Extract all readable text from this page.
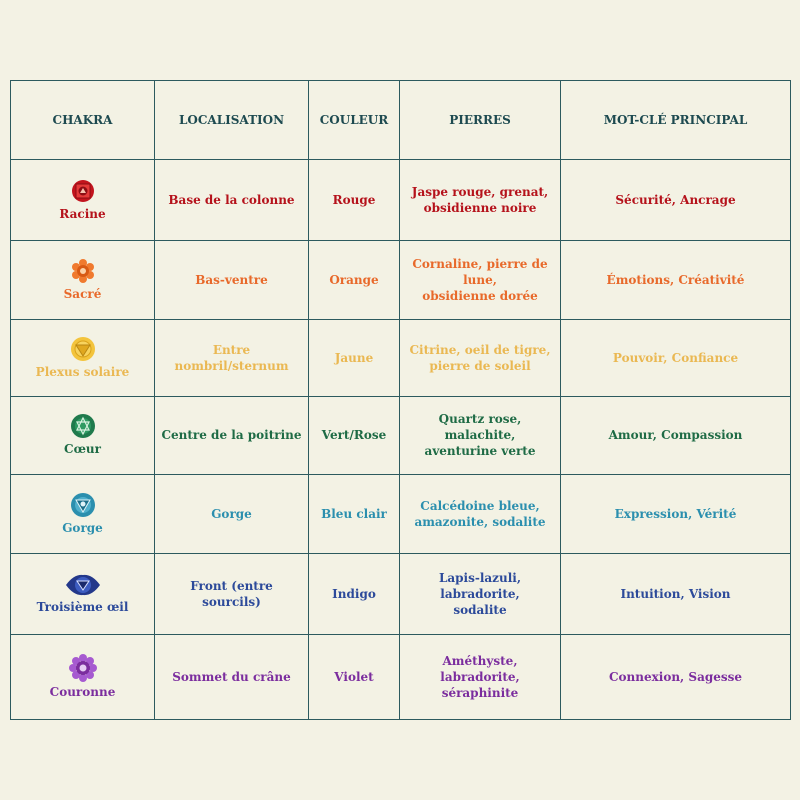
CHAKRA	LOCALISATION	COULEUR	PIERRES	MOT-CLÉ PRINCIPAL

Racine	Base de la colonne	Rouge	Jaspe rouge, grenat,
obsidienne noire	Sécurité, Ancrage

Sacré	Bas-ventre	Orange	Cornaline, pierre de lune,
obsidienne dorée	Émotions, Créativité

Plexus solaire	Entre nombril/sternum	Jaune	Citrine, oeil de tigre,
pierre de soleil	Pouvoir, Confiance

Cœur	Centre de la poitrine	Vert/Rose	Quartz rose, malachite,
aventurine verte	Amour, Compassion

Gorge	Gorge	Bleu clair	Calcédoine bleue,
amazonite, sodalite	Expression, Vérité

Troisième œil	Front (entre sourcils)	Indigo	Lapis-lazuli, labradorite,
sodalite	Intuition, Vision

Couronne	Sommet du crâne	Violet	Améthyste, labradorite,
séraphinite	Connexion, Sagesse
